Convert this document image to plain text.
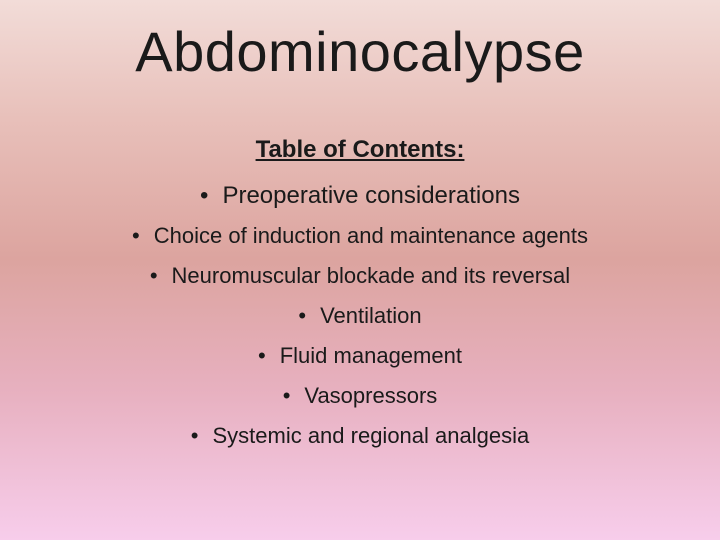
Abdominocalypse
Table of Contents:
• Preoperative considerations
• Choice of induction and maintenance agents
• Neuromuscular blockade and its reversal
• Ventilation
• Fluid management
• Vasopressors
• Systemic and regional analgesia
